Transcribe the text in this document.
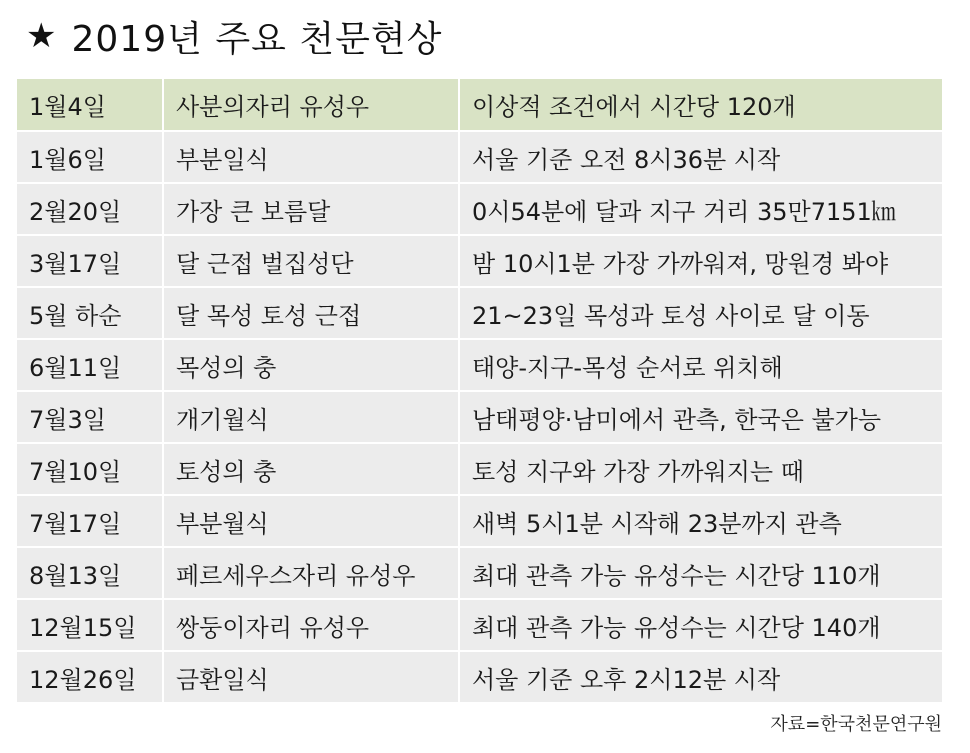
★ 2019년 주요 천문현상
1월4일	사분의자리 유성우	이상적 조건에서 시간당 120개
1월6일	부분일식	서울 기준 오전 8시36분 시작
2월20일	가장 큰 보름달	0시54분에 달과 지구 거리 35만7151㎞
3월17일	달 근접 벌집성단	밤 10시1분 가장 가까워져, 망원경 봐야
5월 하순	달 목성 토성 근접	21~23일 목성과 토성 사이로 달 이동
6월11일	목성의 충	태양-지구-목성 순서로 위치해
7월3일	개기월식	남태평양·남미에서 관측, 한국은 불가능
7월10일	토성의 충	토성 지구와 가장 가까워지는 때
7월17일	부분월식	새벽 5시1분 시작해 23분까지 관측
8월13일	페르세우스자리 유성우	최대 관측 가능 유성수는 시간당 110개
12월15일	쌍둥이자리 유성우	최대 관측 가능 유성수는 시간당 140개
12월26일	금환일식	서울 기준 오후 2시12분 시작
자료=한국천문연구원
